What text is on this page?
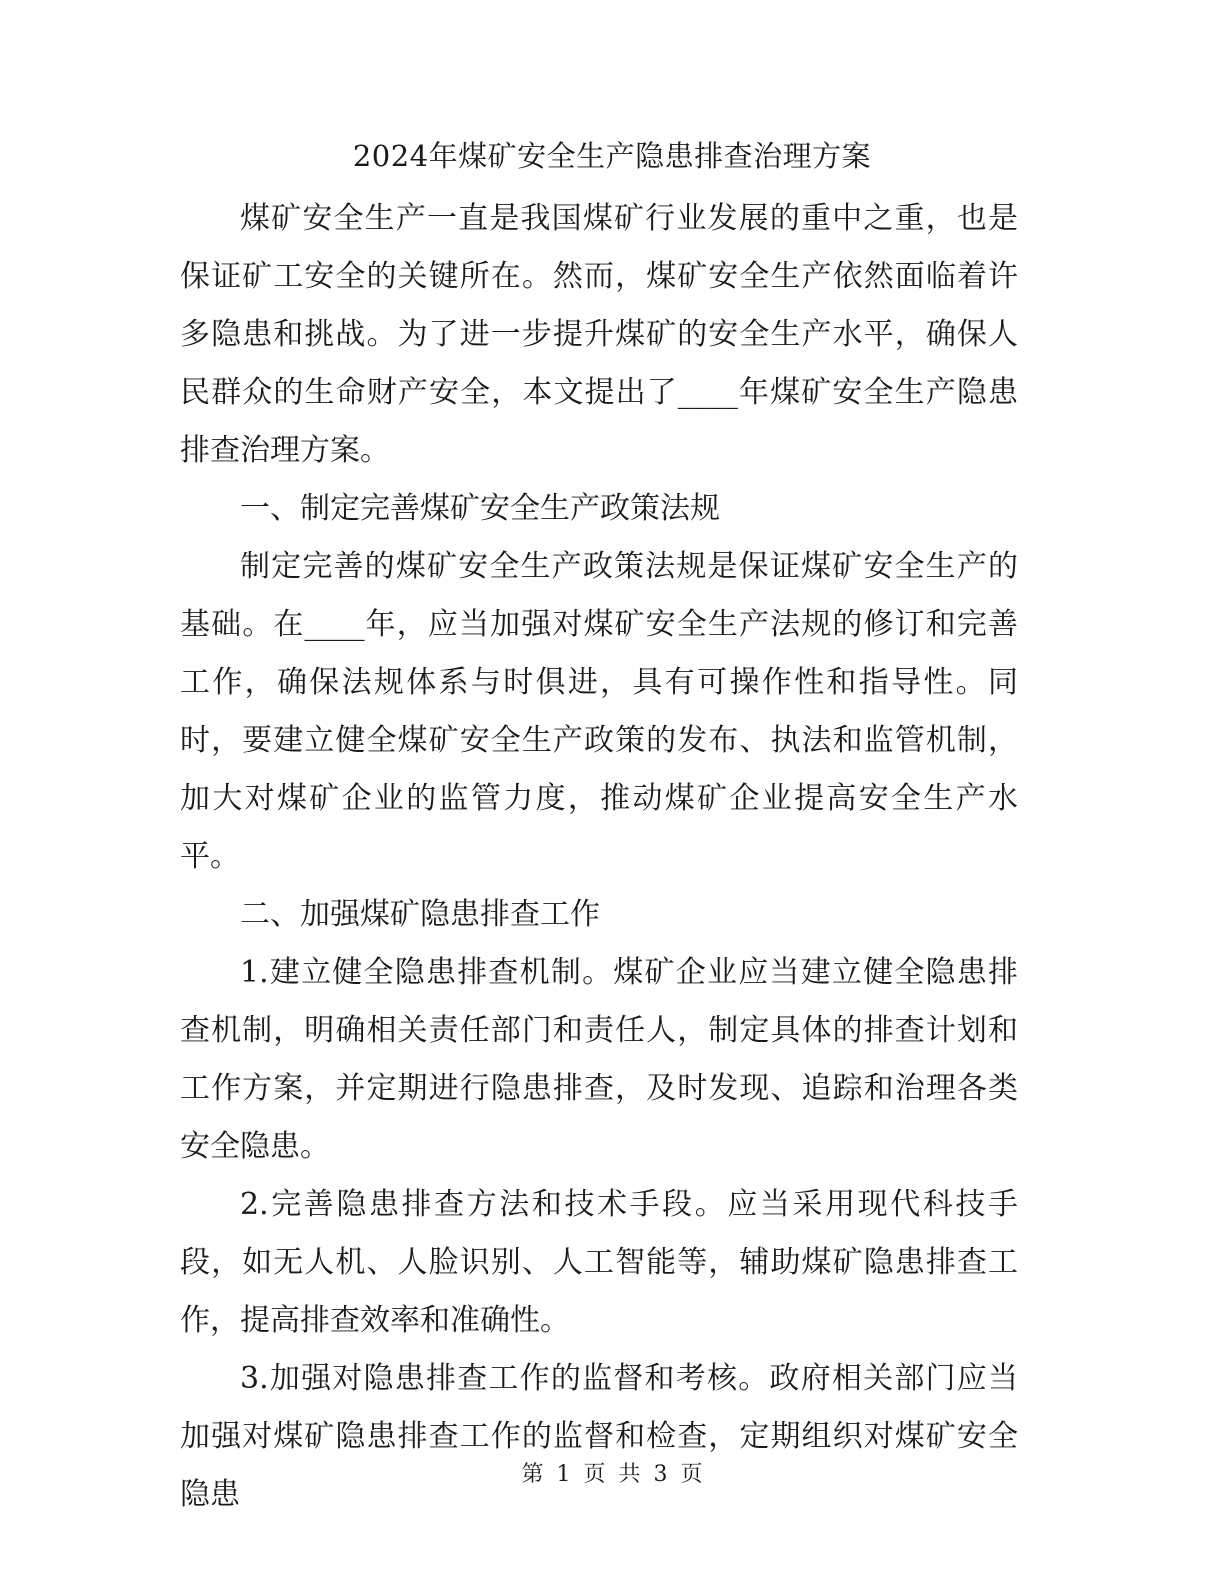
2024年煤矿安全生产隐患排查治理方案

煤矿安全生产一直是我国煤矿行业发展的重中之重，也是保证矿工安全的关键所在。然而，煤矿安全生产依然面临着许多隐患和挑战。为了进一步提升煤矿的安全生产水平，确保人民群众的生命财产安全，本文提出了____年煤矿安全生产隐患排查治理方案。

一、制定完善煤矿安全生产政策法规

制定完善的煤矿安全生产政策法规是保证煤矿安全生产的基础。在____年，应当加强对煤矿安全生产法规的修订和完善工作，确保法规体系与时俱进，具有可操作性和指导性。同时，要建立健全煤矿安全生产政策的发布、执法和监管机制，加大对煤矿企业的监管力度，推动煤矿企业提高安全生产水平。

二、加强煤矿隐患排查工作

1.建立健全隐患排查机制。煤矿企业应当建立健全隐患排查机制，明确相关责任部门和责任人，制定具体的排查计划和工作方案，并定期进行隐患排查，及时发现、追踪和治理各类安全隐患。

2.完善隐患排查方法和技术手段。应当采用现代科技手段，如无人机、人脸识别、人工智能等，辅助煤矿隐患排查工作，提高排查效率和准确性。

3.加强对隐患排查工作的监督和考核。政府相关部门应当加强对煤矿隐患排查工作的监督和检查，定期组织对煤矿安全隐患

第 1 页 共 3 页
